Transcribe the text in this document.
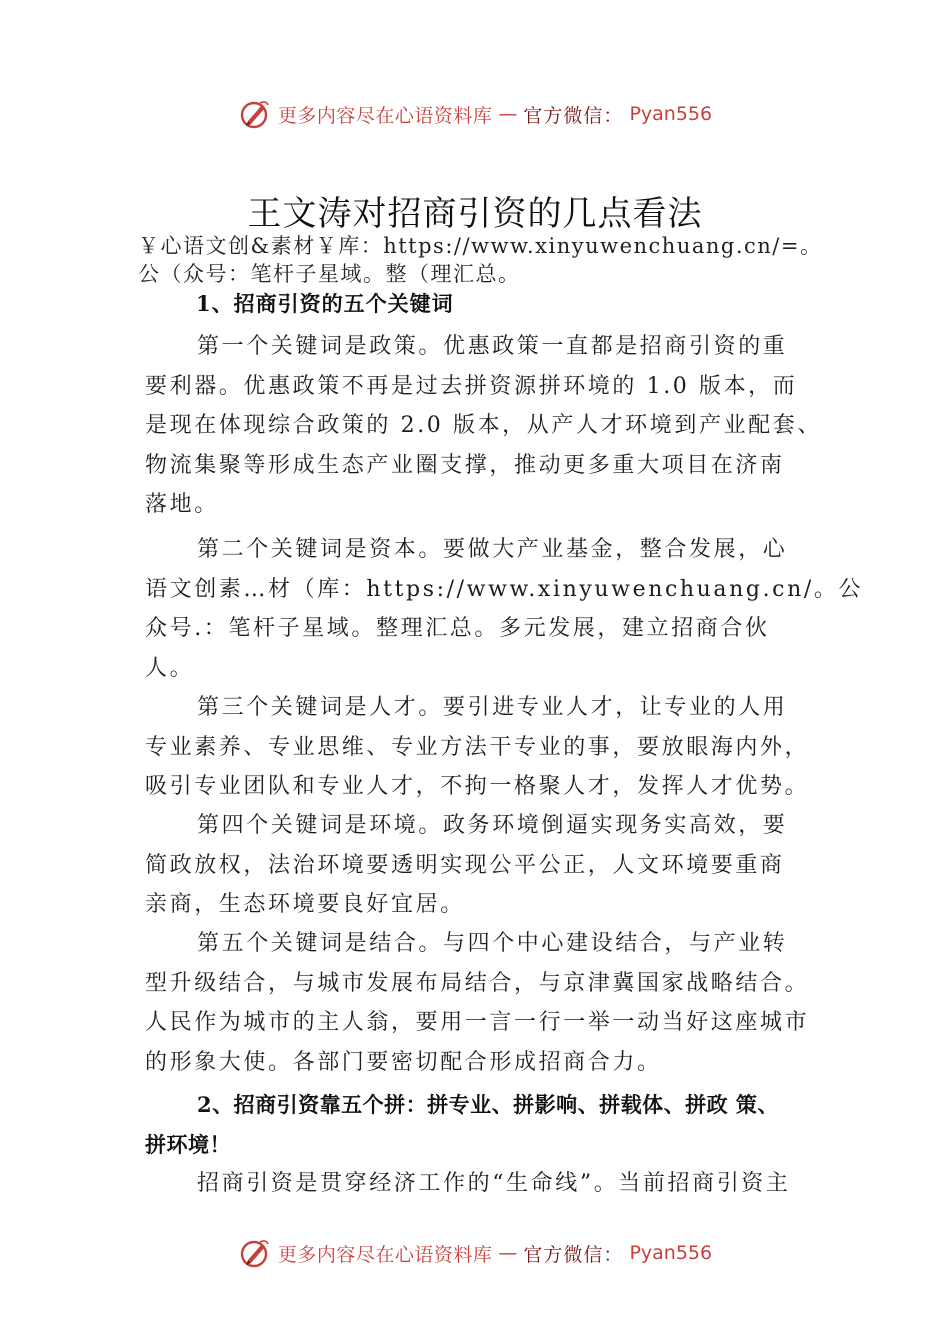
更多内容尽在心语资料库 — 官方微信： Pyan556
王文涛对招商引资的几点看法
￥心语文创&素材￥库：https://www.xinyuwenchuang.cn/=。
公（众号：笔杆子星域。整（理汇总。
1、招商引资的五个关键词
第一个关键词是政策。优惠政策一直都是招商引资的重
要利器。优惠政策不再是过去拼资源拼环境的 1.0 版本，而
是现在体现综合政策的 2.0 版本，从产人才环境到产业配套、
物流集聚等形成生态产业圈支撑，推动更多重大项目在济南
落地。
第二个关键词是资本。要做大产业基金，整合发展，心
语文创素…材（库：https://www.xinyuwenchuang.cn/。公
众号.：笔杆子星域。整理汇总。多元发展，建立招商合伙
人。
第三个关键词是人才。要引进专业人才，让专业的人用
专业素养、专业思维、专业方法干专业的事，要放眼海内外，
吸引专业团队和专业人才，不拘一格聚人才，发挥人才优势。
第四个关键词是环境。政务环境倒逼实现务实高效，要
简政放权，法治环境要透明实现公平公正，人文环境要重商
亲商，生态环境要良好宜居。
第五个关键词是结合。与四个中心建设结合，与产业转
型升级结合，与城市发展布局结合，与京津冀国家战略结合。
人民作为城市的主人翁，要用一言一行一举一动当好这座城市
的形象大使。各部门要密切配合形成招商合力。
2、招商引资靠五个拼：拼专业、拼影响、拼载体、拼政 策、
拼环境！
招商引资是贯穿经济工作的“生命线”。当前招商引资主
更多内容尽在心语资料库 — 官方微信： Pyan556
